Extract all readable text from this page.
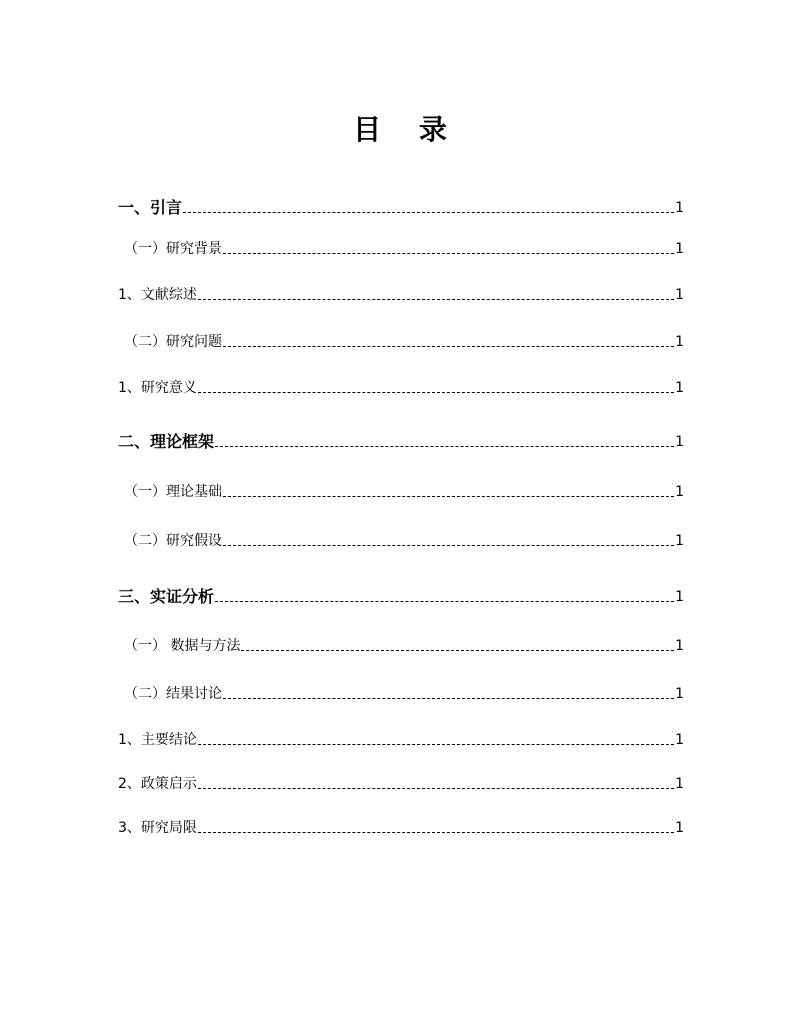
目 录
一、引言	1
（一）研究背景	1
1、文献综述	1
（二）研究问题	1
1、研究意义	1
二、理论框架	1
（一）理论基础	1
（二）研究假设	1
三、实证分析	1
（一） 数据与方法	1
（二）结果讨论	1
1、主要结论	1
2、政策启示	1
3、研究局限	1
